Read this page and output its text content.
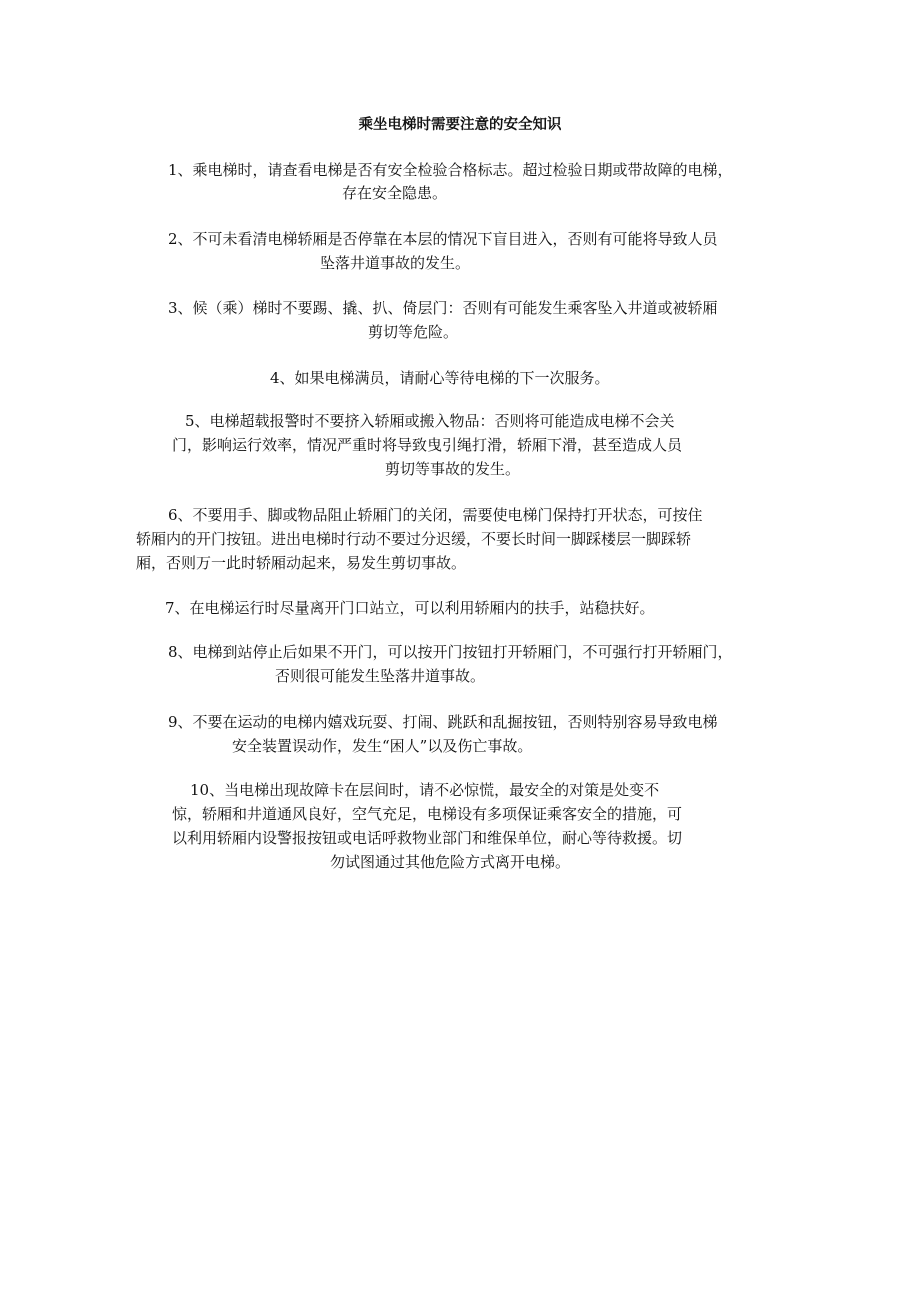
乘坐电梯时需要注意的安全知识

1、乘电梯时，请查看电梯是否有安全检验合格标志。超过检验日期或带故障的电梯，

存在安全隐患。

2、不可未看清电梯轿厢是否停靠在本层的情况下盲目进入，否则有可能将导致人员

坠落井道事故的发生。

3、候（乘）梯时不要踢、撬、扒、倚层门：否则有可能发生乘客坠入井道或被轿厢

剪切等危险。

4、如果电梯满员，请耐心等待电梯的下一次服务。

5、电梯超载报警时不要挤入轿厢或搬入物品：否则将可能造成电梯不会关

门，影响运行效率，情况严重时将导致曳引绳打滑，轿厢下滑，甚至造成人员

剪切等事故的发生。

6、不要用手、脚或物品阻止轿厢门的关闭，需要使电梯门保持打开状态，可按住

轿厢内的开门按钮。进出电梯时行动不要过分迟缓，不要长时间一脚踩楼层一脚踩轿

厢，否则万一此时轿厢动起来，易发生剪切事故。

7、在电梯运行时尽量离开门口站立，可以利用轿厢内的扶手，站稳扶好。

8、电梯到站停止后如果不开门，可以按开门按钮打开轿厢门，不可强行打开轿厢门，

否则很可能发生坠落井道事故。

9、不要在运动的电梯内嬉戏玩耍、打闹、跳跃和乱掘按钮，否则特别容易导致电梯

安全装置误动作，发生“困人”以及伤亡事故。

10、当电梯出现故障卡在层间时，请不必惊慌，最安全的对策是处变不

惊，轿厢和井道通风良好，空气充足，电梯设有多项保证乘客安全的措施，可

以利用轿厢内设警报按钮或电话呼救物业部门和维保单位，耐心等待救援。切

勿试图通过其他危险方式离开电梯。
